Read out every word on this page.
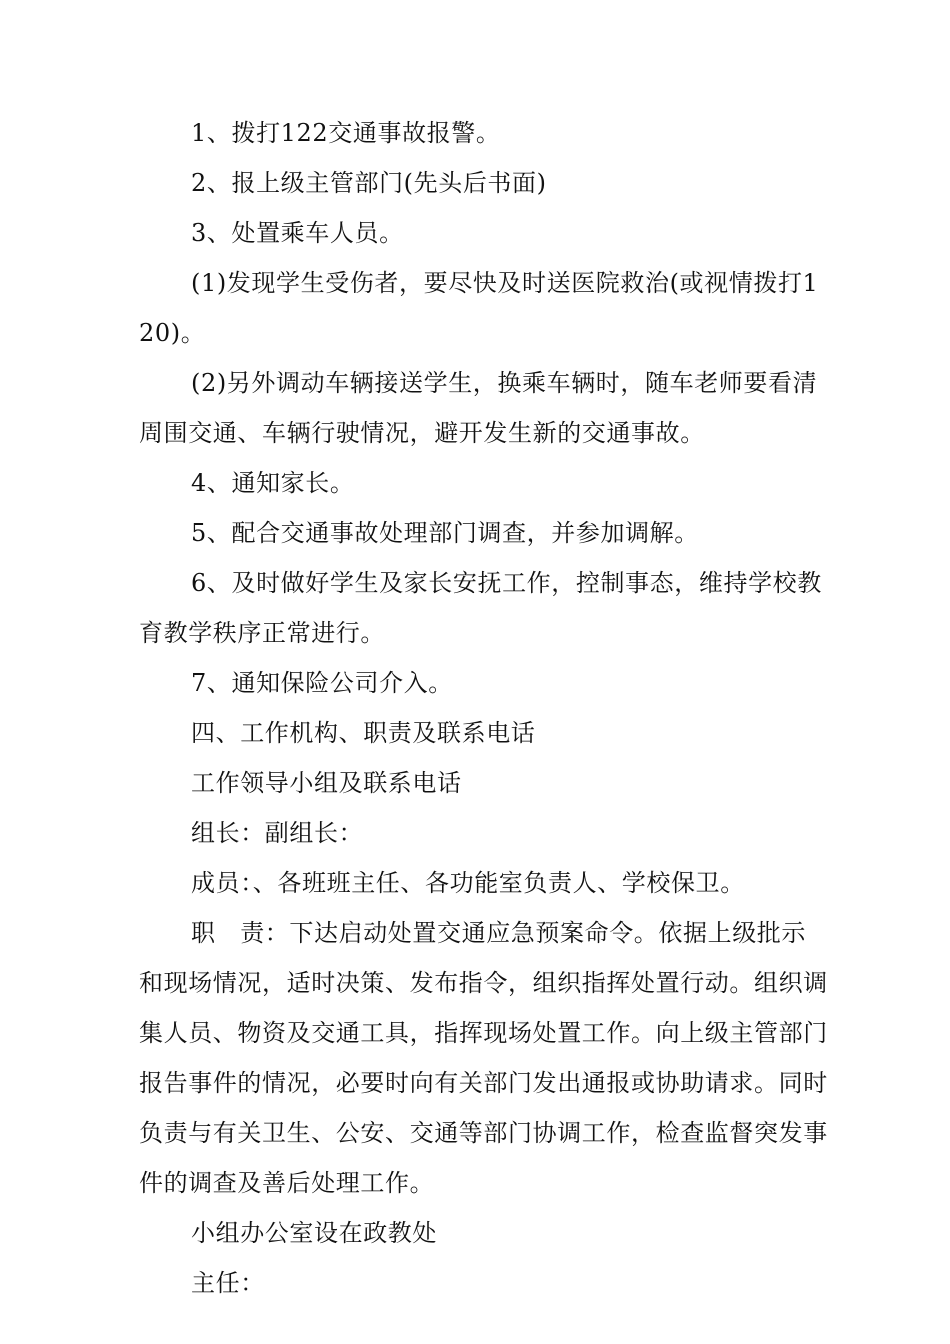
1、拨打122交通事故报警。

2、报上级主管部门(先头后书面)

3、处置乘车人员。

(1)发现学生受伤者，要尽快及时送医院救治(或视情拨打120)。

(2)另外调动车辆接送学生，换乘车辆时，随车老师要看清周围交通、车辆行驶情况，避开发生新的交通事故。

4、通知家长。

5、配合交通事故处理部门调查，并参加调解。

6、及时做好学生及家长安抚工作，控制事态，维持学校教育教学秩序正常进行。

7、通知保险公司介入。

四、工作机构、职责及联系电话

工作领导小组及联系电话

组长：副组长：

成员：、各班班主任、各功能室负责人、学校保卫。

职　责：下达启动处置交通应急预案命令。依据上级批示和现场情况，适时决策、发布指令，组织指挥处置行动。组织调集人员、物资及交通工具，指挥现场处置工作。向上级主管部门报告事件的情况，必要时向有关部门发出通报或协助请求。同时负责与有关卫生、公安、交通等部门协调工作，检查监督突发事件的调查及善后处理工作。

小组办公室设在政教处

主任：
